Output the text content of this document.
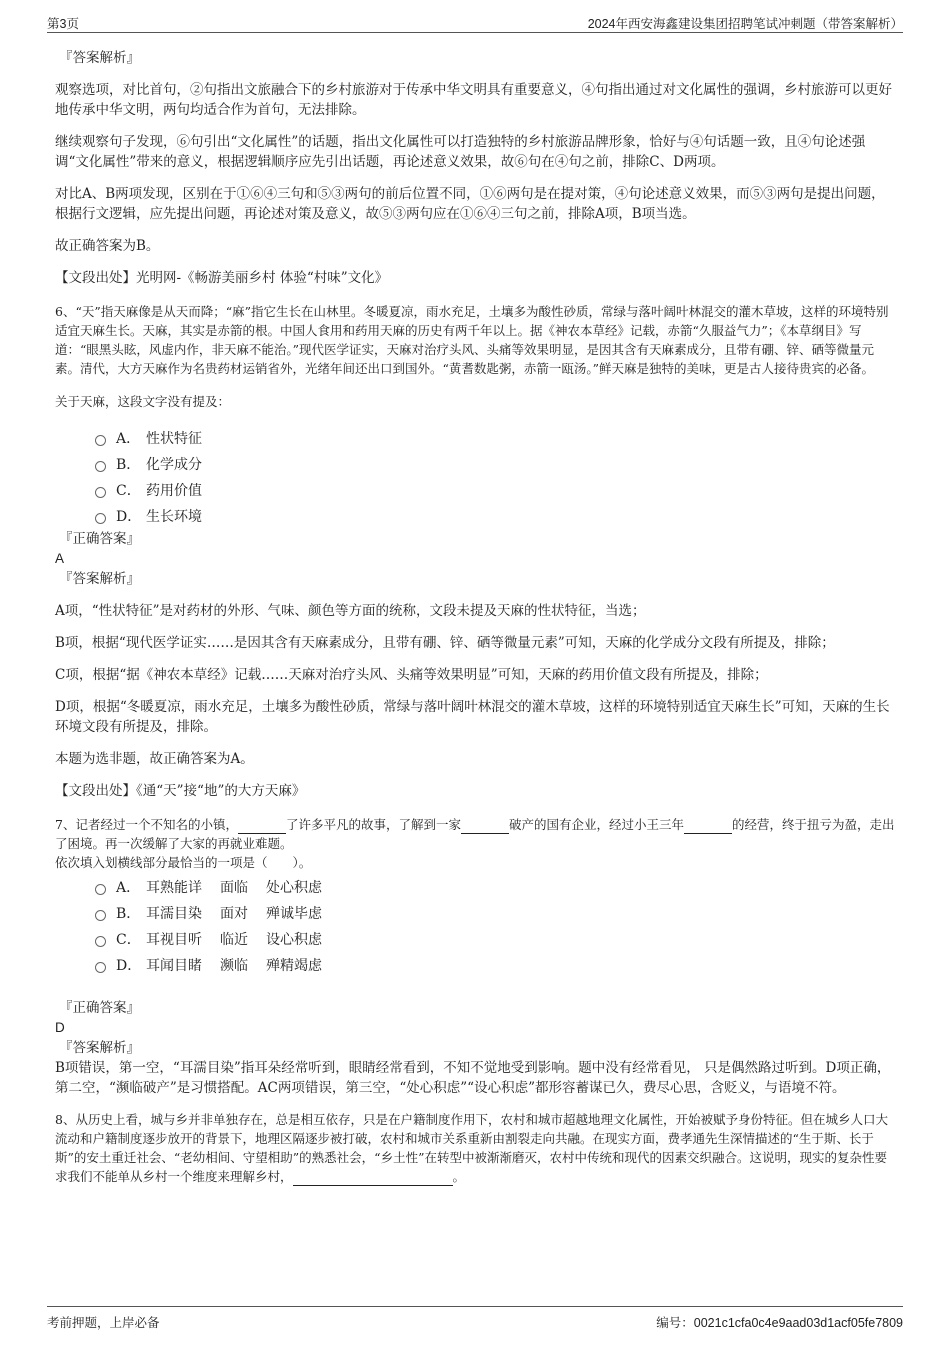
第3页	2024年西安海鑫建设集团招聘笔试冲刺题（带答案解析）

『答案解析』

观察选项，对比首句，②句指出文旅融合下的乡村旅游对于传承中华文明具有重要意义，④句指出通过对文化属性的强调，乡村旅游可以更好地传承中华文明，两句均适合作为首句，无法排除。

继续观察句子发现，⑥句引出“文化属性”的话题，指出文化属性可以打造独特的乡村旅游品牌形象，恰好与④句话题一致，且④句论述强调“文化属性”带来的意义，根据逻辑顺序应先引出话题，再论述意义效果，故⑥句在④句之前，排除C、D两项。

对比A、B两项发现，区别在于①⑥④三句和⑤③两句的前后位置不同，①⑥两句是在提对策，④句论述意义效果，而⑤③两句是提出问题，根据行文逻辑，应先提出问题，再论述对策及意义，故⑤③两句应在①⑥④三句之前，排除A项，B项当选。

故正确答案为B。

【文段出处】光明网-《畅游美丽乡村 体验“村味”文化》

6、“天”指天麻像是从天而降；“麻”指它生长在山林里。冬暖夏凉，雨水充足，土壤多为酸性砂质，常绿与落叶阔叶林混交的灌木草坡，这样的环境特别适宜天麻生长。天麻，其实是赤箭的根。中国人食用和药用天麻的历史有两千年以上。据《神农本草经》记载，赤箭“久服益气力”；《本草纲目》写道：“眼黑头眩，风虚内作，非天麻不能治。”现代医学证实，天麻对治疗头风、头痛等效果明显，是因其含有天麻素成分，且带有硼、锌、硒等微量元素。清代，大方天麻作为名贵药材运销省外，光绪年间还出口到国外。“黄耆数匙粥，赤箭一瓯汤。”鲜天麻是独特的美味，更是古人接待贵宾的必备。

关于天麻，这段文字没有提及：

A． 性状特征
B． 化学成分
C． 药用价值
D． 生长环境

『正确答案』

A

『答案解析』

A项，“性状特征”是对药材的外形、气味、颜色等方面的统称，文段未提及天麻的性状特征，当选；

B项，根据“现代医学证实……是因其含有天麻素成分，且带有硼、锌、硒等微量元素”可知，天麻的化学成分文段有所提及，排除；

C项，根据“据《神农本草经》记载……天麻对治疗头风、头痛等效果明显”可知，天麻的药用价值文段有所提及，排除；

D项，根据“冬暖夏凉，雨水充足，土壤多为酸性砂质，常绿与落叶阔叶林混交的灌木草坡，这样的环境特别适宜天麻生长”可知，天麻的生长环境文段有所提及，排除。

本题为选非题，故正确答案为A。

【文段出处】《通“天”接“地”的大方天麻》

7、记者经过一个不知名的小镇，	了许多平凡的故事，了解到一家	破产的国有企业，经过小王三年	的经营，终于扭亏为盈，走出了困境。再一次缓解了大家的再就业难题。

依次填入划横线部分最恰当的一项是（　　）。

A． 耳熟能详 面临 处心积虑
B． 耳濡目染 面对 殚诚毕虑
C． 耳视目听 临近 设心积虑
D． 耳闻目睹 濒临 殚精竭虑

『正确答案』

D

『答案解析』

B项错误，第一空，“耳濡目染”指耳朵经常听到，眼睛经常看到，不知不觉地受到影响。题中没有经常看见， 只是偶然路过听到。D项正确，第二空，“濒临破产”是习惯搭配。AC两项错误，第三空，“处心积虑”“设心积虑”都形容蓄谋已久，费尽心思，含贬义，与语境不符。

8、从历史上看，城与乡并非单独存在，总是相互依存，只是在户籍制度作用下，农村和城市超越地理文化属性，开始被赋予身份特征。但在城乡人口大流动和户籍制度逐步放开的背景下，地理区隔逐步被打破，农村和城市关系重新由割裂走向共融。在现实方面，费孝通先生深情描述的“生于斯、长于斯”的安土重迁社会、“老幼相间、守望相助”的熟悉社会，“乡土性”在转型中被渐渐磨灭，农村中传统和现代的因素交织融合。这说明，现实的复杂性要求我们不能单从乡村一个维度来理解乡村，	。

考前押题，上岸必备	编号：0021c1cfa0c4e9aad03d1acf05fe7809
